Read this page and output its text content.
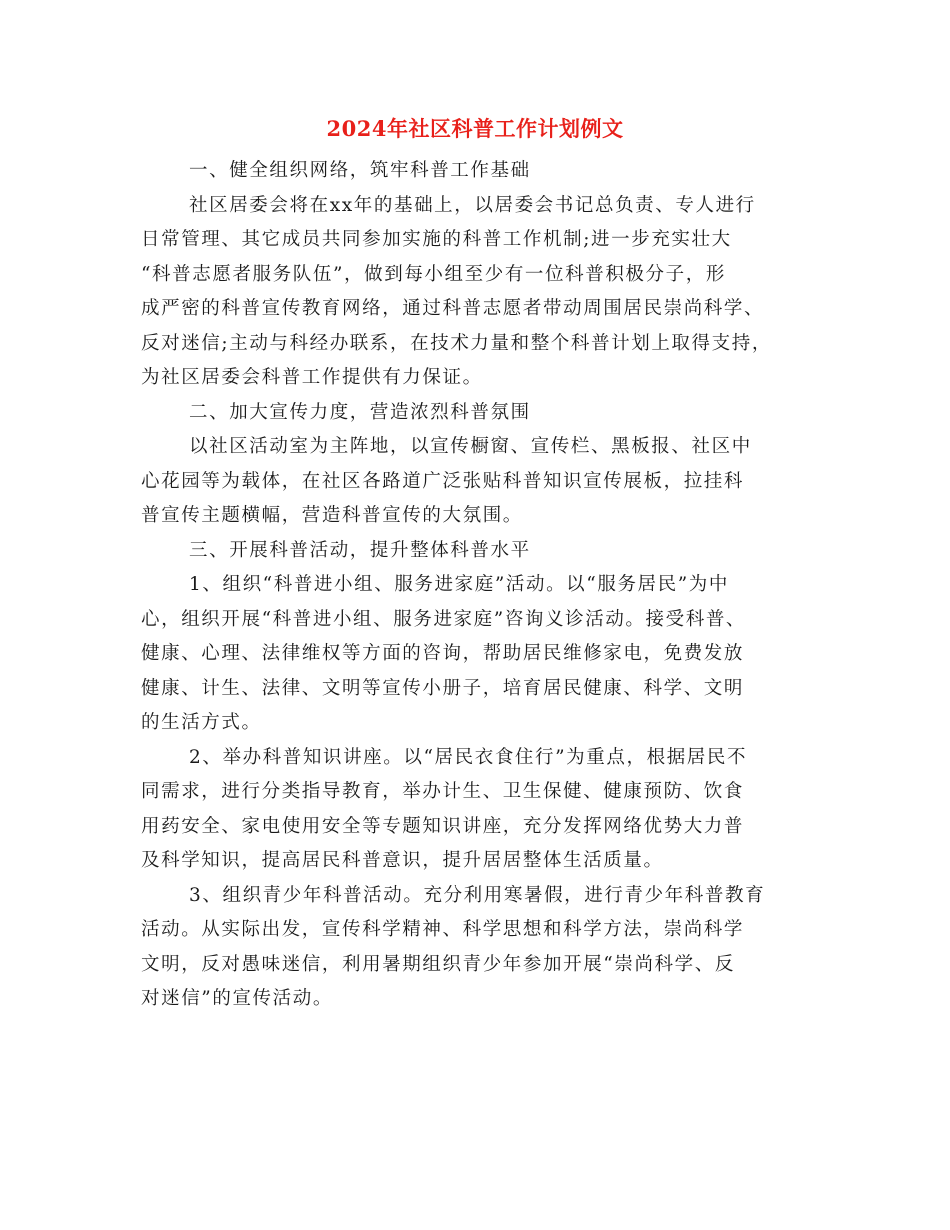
2024年社区科普工作计划例文

一、健全组织网络，筑牢科普工作基础

社区居委会将在xx年的基础上，以居委会书记总负责、专人进行
日常管理、其它成员共同参加实施的科普工作机制;进一步充实壮大
“科普志愿者服务队伍”，做到每小组至少有一位科普积极分子，形
成严密的科普宣传教育网络，通过科普志愿者带动周围居民崇尚科学、
反对迷信;主动与科经办联系，在技术力量和整个科普计划上取得支持，
为社区居委会科普工作提供有力保证。

二、加大宣传力度，营造浓烈科普氛围

以社区活动室为主阵地，以宣传橱窗、宣传栏、黑板报、社区中
心花园等为载体，在社区各路道广泛张贴科普知识宣传展板，拉挂科
普宣传主题横幅，营造科普宣传的大氛围。

三、开展科普活动，提升整体科普水平

1、组织“科普进小组、服务进家庭”活动。以“服务居民”为中
心，组织开展“科普进小组、服务进家庭”咨询义诊活动。接受科普、
健康、心理、法律维权等方面的咨询，帮助居民维修家电，免费发放
健康、计生、法律、文明等宣传小册子，培育居民健康、科学、文明
的生活方式。

2、举办科普知识讲座。以“居民衣食住行”为重点，根据居民不
同需求，进行分类指导教育，举办计生、卫生保健、健康预防、饮食
用药安全、家电使用安全等专题知识讲座，充分发挥网络优势大力普
及科学知识，提高居民科普意识，提升居居整体生活质量。

3、组织青少年科普活动。充分利用寒暑假，进行青少年科普教育
活动。从实际出发，宣传科学精神、科学思想和科学方法，崇尚科学
文明，反对愚味迷信，利用暑期组织青少年参加开展“崇尚科学、反
对迷信”的宣传活动。
